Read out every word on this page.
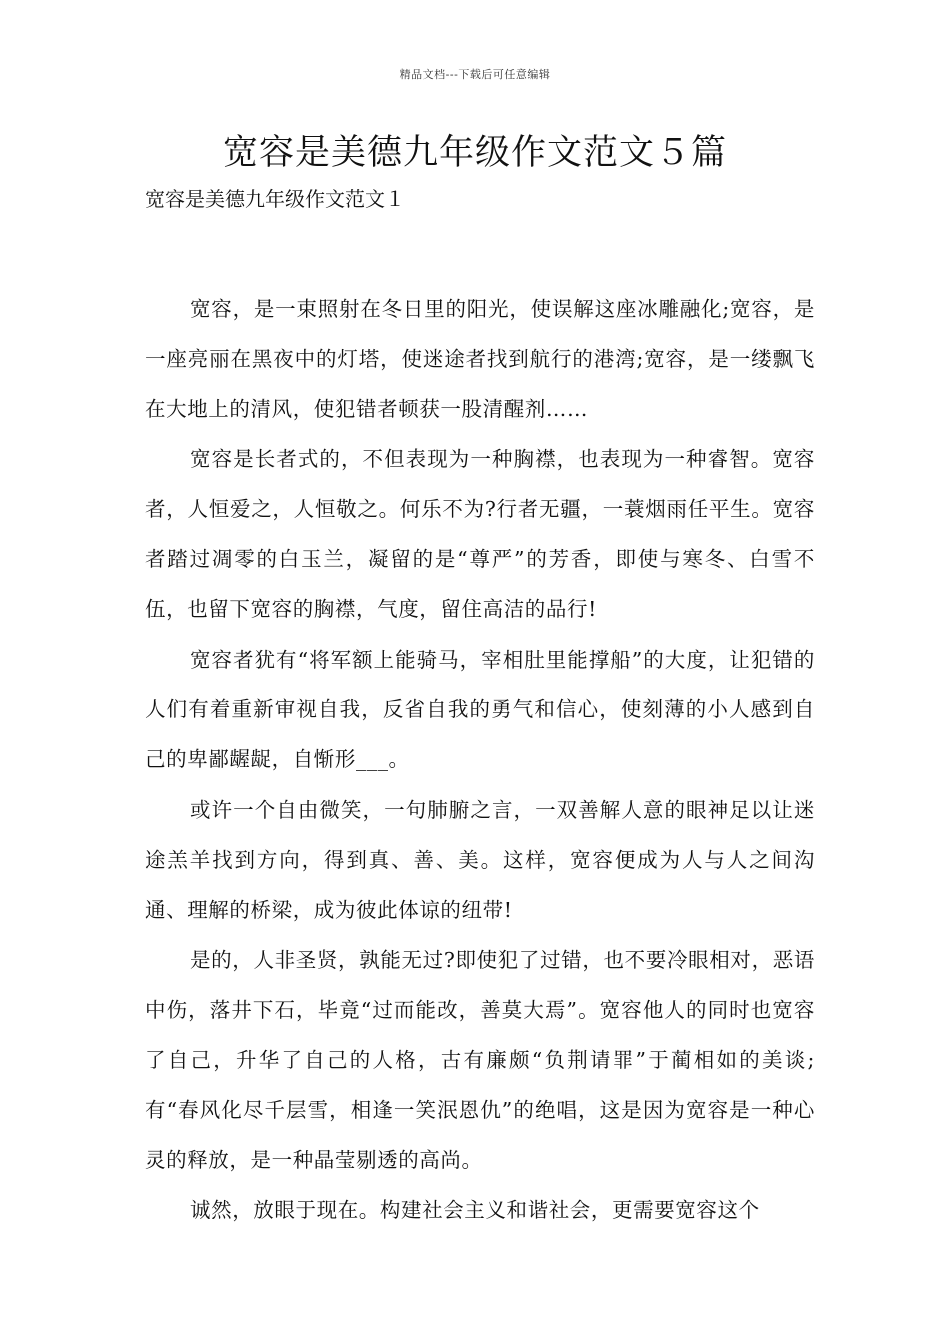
精品文档---下载后可任意编辑
宽容是美德九年级作文范文５篇
宽容是美德九年级作文范文１

宽容，是一束照射在冬日里的阳光，使误解这座冰雕融化;宽容，是一座亮丽在黑夜中的灯塔，使迷途者找到航行的港湾;宽容，是一缕飘飞在大地上的清风，使犯错者顿获一股清醒剂……

宽容是长者式的，不但表现为一种胸襟，也表现为一种睿智。宽容者，人恒爱之，人恒敬之。何乐不为?行者无疆，一蓑烟雨任平生。宽容者踏过凋零的白玉兰，凝留的是“尊严”的芳香，即使与寒冬、白雪不伍，也留下宽容的胸襟，气度，留住高洁的品行!

宽容者犹有“将军额上能骑马，宰相肚里能撑船”的大度，让犯错的人们有着重新审视自我，反省自我的勇气和信心，使刻薄的小人感到自己的卑鄙龌龊，自惭形___。

或许一个自由微笑，一句肺腑之言，一双善解人意的眼神足以让迷途羔羊找到方向，得到真、善、美。这样，宽容便成为人与人之间沟通、理解的桥梁，成为彼此体谅的纽带!

是的，人非圣贤，孰能无过?即使犯了过错，也不要冷眼相对，恶语中伤，落井下石，毕竟“过而能改，善莫大焉”。宽容他人的同时也宽容了自己，升华了自己的人格，古有廉颇“负荆请罪”于蔺相如的美谈;有“春风化尽千层雪，相逢一笑泯恩仇”的绝唱，这是因为宽容是一种心灵的释放，是一种晶莹剔透的高尚。

诚然，放眼于现在。构建社会主义和谐社会，更需要宽容这个
